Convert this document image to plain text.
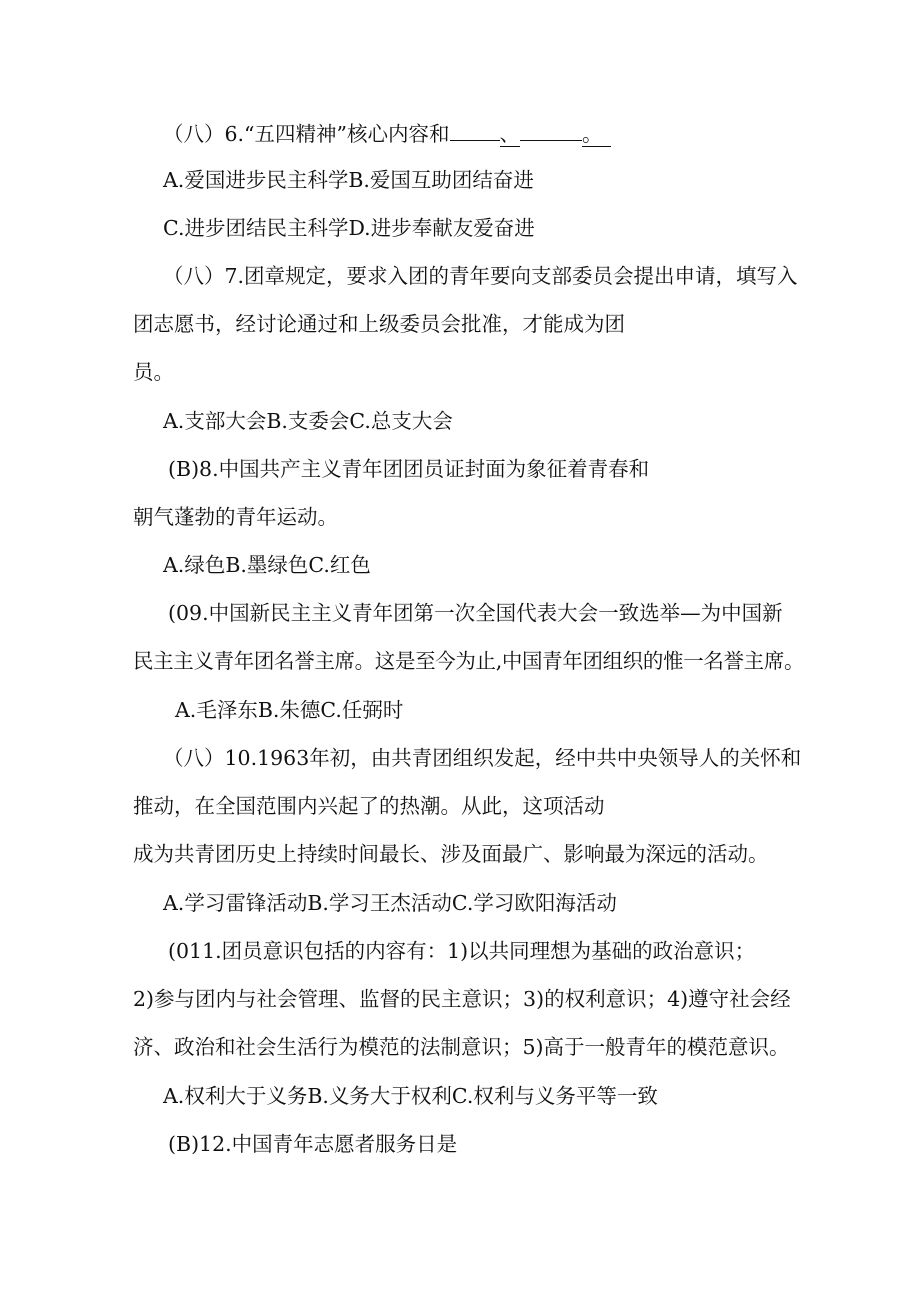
（八）6.“五四精神”核心内容和 、	。
A.爱国进步民主科学B.爱国互助团结奋进
C.进步团结民主科学D.进步奉献友爱奋进
（八）7.团章规定，要求入团的青年要向支部委员会提出申请，填写入
团志愿书，经讨论通过和上级委员会批准，才能成为团
员。
A.支部大会B.支委会C.总支大会
(B)8.中国共产主义青年团团员证封面为象征着青春和
朝气蓬勃的青年运动。
A.绿色B.墨绿色C.红色
(09.中国新民主主义青年团第一次全国代表大会一致选举—为中国新
民主主义青年团名誉主席。这是至今为止,中国青年团组织的惟一名誉主席。
A.毛泽东B.朱德C.任弼时
（八）10.1963年初，由共青团组织发起，经中共中央领导人的关怀和
推动，在全国范围内兴起了的热潮。从此，这项活动
成为共青团历史上持续时间最长、涉及面最广、影响最为深远的活动。
A.学习雷锋活动B.学习王杰活动C.学习欧阳海活动
(011.团员意识包括的内容有：1)以共同理想为基础的政治意识；
2)参与团内与社会管理、监督的民主意识；3)的权利意识；4)遵守社会经
济、政治和社会生活行为模范的法制意识；5)高于一般青年的模范意识。
A.权利大于义务B.义务大于权利C.权利与义务平等一致
(B)12.中国青年志愿者服务日是
